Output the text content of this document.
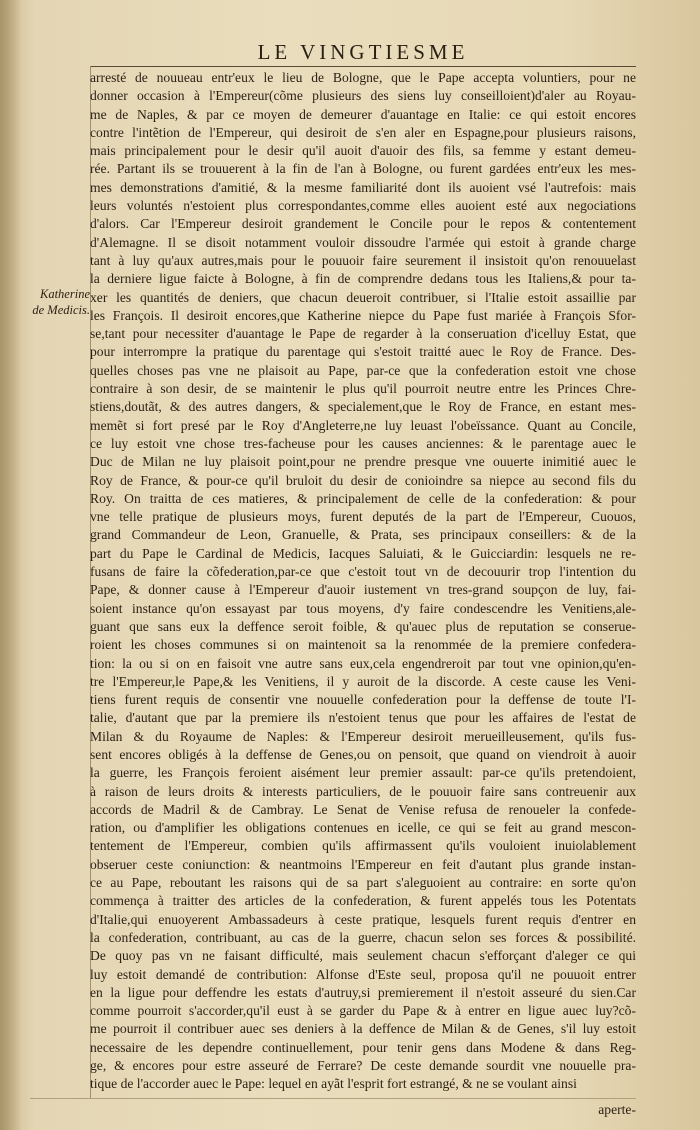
LE VINGTIESME
Katherine
de Medicis.
arresté de nouueau entr'eux le lieu de Bologne, que le Pape accepta voluntiers, pour ne
donner occasion à l'Empereur(cõme plusieurs des siens luy conseilloient)d'aler au Royau-
me de Naples, & par ce moyen de demeurer d'auantage en Italie: ce qui estoit encores
contre l'intẽtion de l'Empereur, qui desiroit de s'en aler en Espagne,pour plusieurs raisons,
mais principalement pour le desir qu'il auoit d'auoir des fils, sa femme y estant demeu-
rée. Partant ils se trouuerent à la fin de l'an à Bologne, ou furent gardées entr'eux les mes-
mes demonstrations d'amitié, & la mesme familiarité dont ils auoient vsé l'autrefois: mais
leurs voluntés n'estoient plus correspondantes,comme elles auoient esté aux negociations
d'alors. Car l'Empereur desiroit grandement le Concile pour le repos & contentement
d'Alemagne. Il se disoit notamment vouloir dissoudre l'armée qui estoit à grande charge
tant à luy qu'aux autres,mais pour le pouuoir faire seurement il insistoit qu'on renouuelast
la derniere ligue faicte à Bologne, à fin de comprendre dedans tous les Italiens,& pour ta-
xer les quantités de deniers, que chacun deueroit contribuer, si l'Italie estoit assaillie par
les François. Il desiroit encores,que Katherine niepce du Pape fust mariée à François Sfor-
se,tant pour necessiter d'auantage le Pape de regarder à la conseruation d'icelluy Estat, que
pour interrompre la pratique du parentage qui s'estoit traitté auec le Roy de France. Des-
quelles choses pas vne ne plaisoit au Pape, par-ce que la confederation estoit vne chose
contraire à son desir, de se maintenir le plus qu'il pourroit neutre entre les Princes Chre-
stiens,doutãt, & des autres dangers, & specialement,que le Roy de France, en estant mes-
memẽt si fort presé par le Roy d'Angleterre,ne luy leuast l'obeïssance. Quant au Concile,
ce luy estoit vne chose tres-facheuse pour les causes anciennes: & le parentage auec le
Duc de Milan ne luy plaisoit point,pour ne prendre presque vne ouuerte inimitié auec le
Roy de France, & pour-ce qu'il bruloit du desir de conioindre sa niepce au second fils du
Roy. On traitta de ces matieres, & principalement de celle de la confederation: & pour
vne telle pratique de plusieurs moys, furent deputés de la part de l'Empereur, Cuouos,
grand Commandeur de Leon, Granuelle, & Prata, ses principaux conseillers: & de la
part du Pape le Cardinal de Medicis, Iacques Saluiati, & le Guicciardin: lesquels ne re-
fusans de faire la cõfederation,par-ce que c'estoit tout vn de decouurir trop l'intention du
Pape, & donner cause à l'Empereur d'auoir iustement vn tres-grand soupçon de luy, fai-
soient instance qu'on essayast par tous moyens, d'y faire condescendre les Venitiens,ale-
guant que sans eux la deffence seroit foible, & qu'auec plus de reputation se conserue-
roient les choses communes si on maintenoit sa la renommée de la premiere confedera-
tion: la ou si on en faisoit vne autre sans eux,cela engendreroit par tout vne opinion,qu'en-
tre l'Empereur,le Pape,& les Venitiens, il y auroit de la discorde. A ceste cause les Veni-
tiens furent requis de consentir vne nouuelle confederation pour la deffense de toute l'I-
talie, d'autant que par la premiere ils n'estoient tenus que pour les affaires de l'estat de
Milan & du Royaume de Naples: & l'Empereur desiroit merueilleusement, qu'ils fus-
sent encores obligés à la deffense de Genes,ou on pensoit, que quand on viendroit à auoir
la guerre, les François feroient aisément leur premier assault: par-ce qu'ils pretendoient,
à raison de leurs droits & interests particuliers, de le pouuoir faire sans contreuenir aux
accords de Madril & de Cambray. Le Senat de Venise refusa de renoueler la confede-
ration, ou d'amplifier les obligations contenues en icelle, ce qui se feit au grand mescon-
tentement de l'Empereur, combien qu'ils affirmassent qu'ils vouloient inuiolablement
obseruer ceste coniunction: & neantmoins l'Empereur en feit d'autant plus grande instan-
ce au Pape, reboutant les raisons qui de sa part s'aleguoient au contraire: en sorte qu'on
commença à traitter des articles de la confederation, & furent appelés tous les Potentats
d'Italie,qui enuoyerent Ambassadeurs à ceste pratique, lesquels furent requis d'entrer en
la confederation, contribuant, au cas de la guerre, chacun selon ses forces & possibilité.
De quoy pas vn ne faisant difficulté, mais seulement chacun s'efforçant d'aleger ce qui
luy estoit demandé de contribution: Alfonse d'Este seul, proposa qu'il ne pouuoit entrer
en la ligue pour deffendre les estats d'autruy,si premierement il n'estoit asseuré du sien.Car
comme pourroit s'accorder,qu'il eust à se garder du Pape & à entrer en ligue auec luy?cõ-
me pourroit il contribuer auec ses deniers à la deffence de Milan & de Genes, s'il luy estoit
necessaire de les dependre continuellement, pour tenir gens dans Modene & dans Reg-
ge, & encores pour estre asseuré de Ferrare? De ceste demande sourdit vne nouuelle pra-
tique de l'accorder auec le Pape: lequel en ayãt l'esprit fort estrangé, & ne se voulant ainsi
aperte-
